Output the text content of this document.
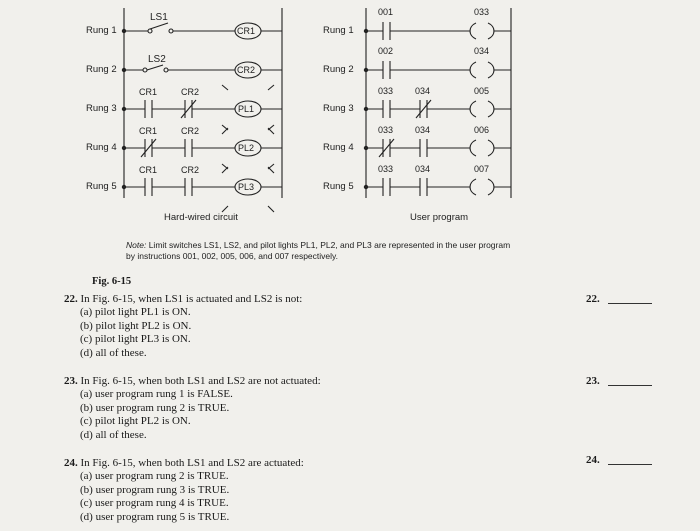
Rung 1
Rung 2
Rung 3
Rung 4
Rung 5
LS1
LS2
CR1	CR2
CR1	CR2
CR1	CR2
CR1
CR2
PL1
PL2
PL3
Hard-wired circuit
Rung 1
Rung 2
Rung 3
Rung 4
Rung 5
001
002
033 034
033 034
033 034
033
034
005
006
007
User program
Note: Limit switches LS1, LS2, and pilot lights PL1, PL2, and PL3 are represented in the user program by instructions 001, 002, 005, 006, and 007 respectively.
Fig. 6-15
22. In Fig. 6-15, when LS1 is actuated and LS2 is not:
(a) pilot light PL1 is ON.
(b) pilot light PL2 is ON.
(c) pilot light PL3 is ON.
(d) all of these.
22.
23. In Fig. 6-15, when both LS1 and LS2 are not actuated:
(a) user program rung 1 is FALSE.
(b) user program rung 2 is TRUE.
(c) pilot light PL2 is ON.
(d) all of these.
23.
24. In Fig. 6-15, when both LS1 and LS2 are actuated:
(a) user program rung 2 is TRUE.
(b) user program rung 3 is TRUE.
(c) user program rung 4 is TRUE.
(d) user program rung 5 is TRUE.
24.
